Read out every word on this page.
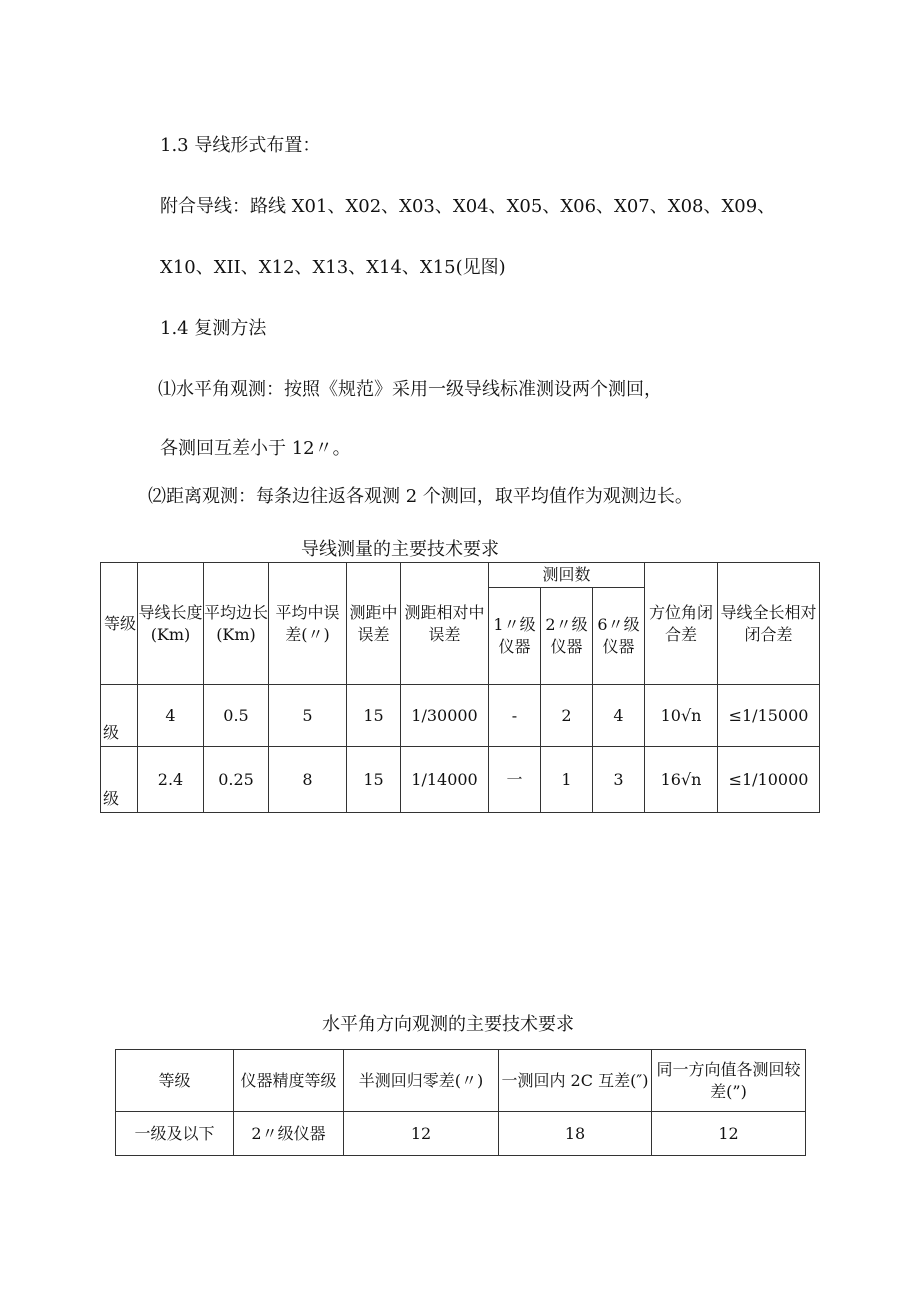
1.3 导线形式布置：
附合导线：路线 X01、X02、X03、X04、X05、X06、X07、X08、X09、
X10、XII、X12、X13、X14、X15(见图)
1.4 复测方法
⑴水平角观测：按照《规范》采用一级导线标准测设两个测回，
各测回互差小于 12〃。
⑵距离观测：每条边往返各观测 2 个测回，取平均值作为观测边长。
导线测量的主要技术要求
等级	导线长度(Km)	平均边长(Km)	平均中误差(〃)	测距中误差	测距相对中误差	测回数			方位角闭合差	导线全长相对闭合差
						1〃级仪器	2〃级仪器	6〃级仪器		
级	4	0.5	5	15	1/30000	-	2	4	10√n	≤1/15000
级	2.4	0.25	8	15	1/14000	一	1	3	16√n	≤1/10000
水平角方向观测的主要技术要求
等级	仪器精度等级	半测回归零差(〃)	一测回内 2C 互差(″)	同一方向值各测回较差(”)
一级及以下	2〃级仪器	12	18	12
